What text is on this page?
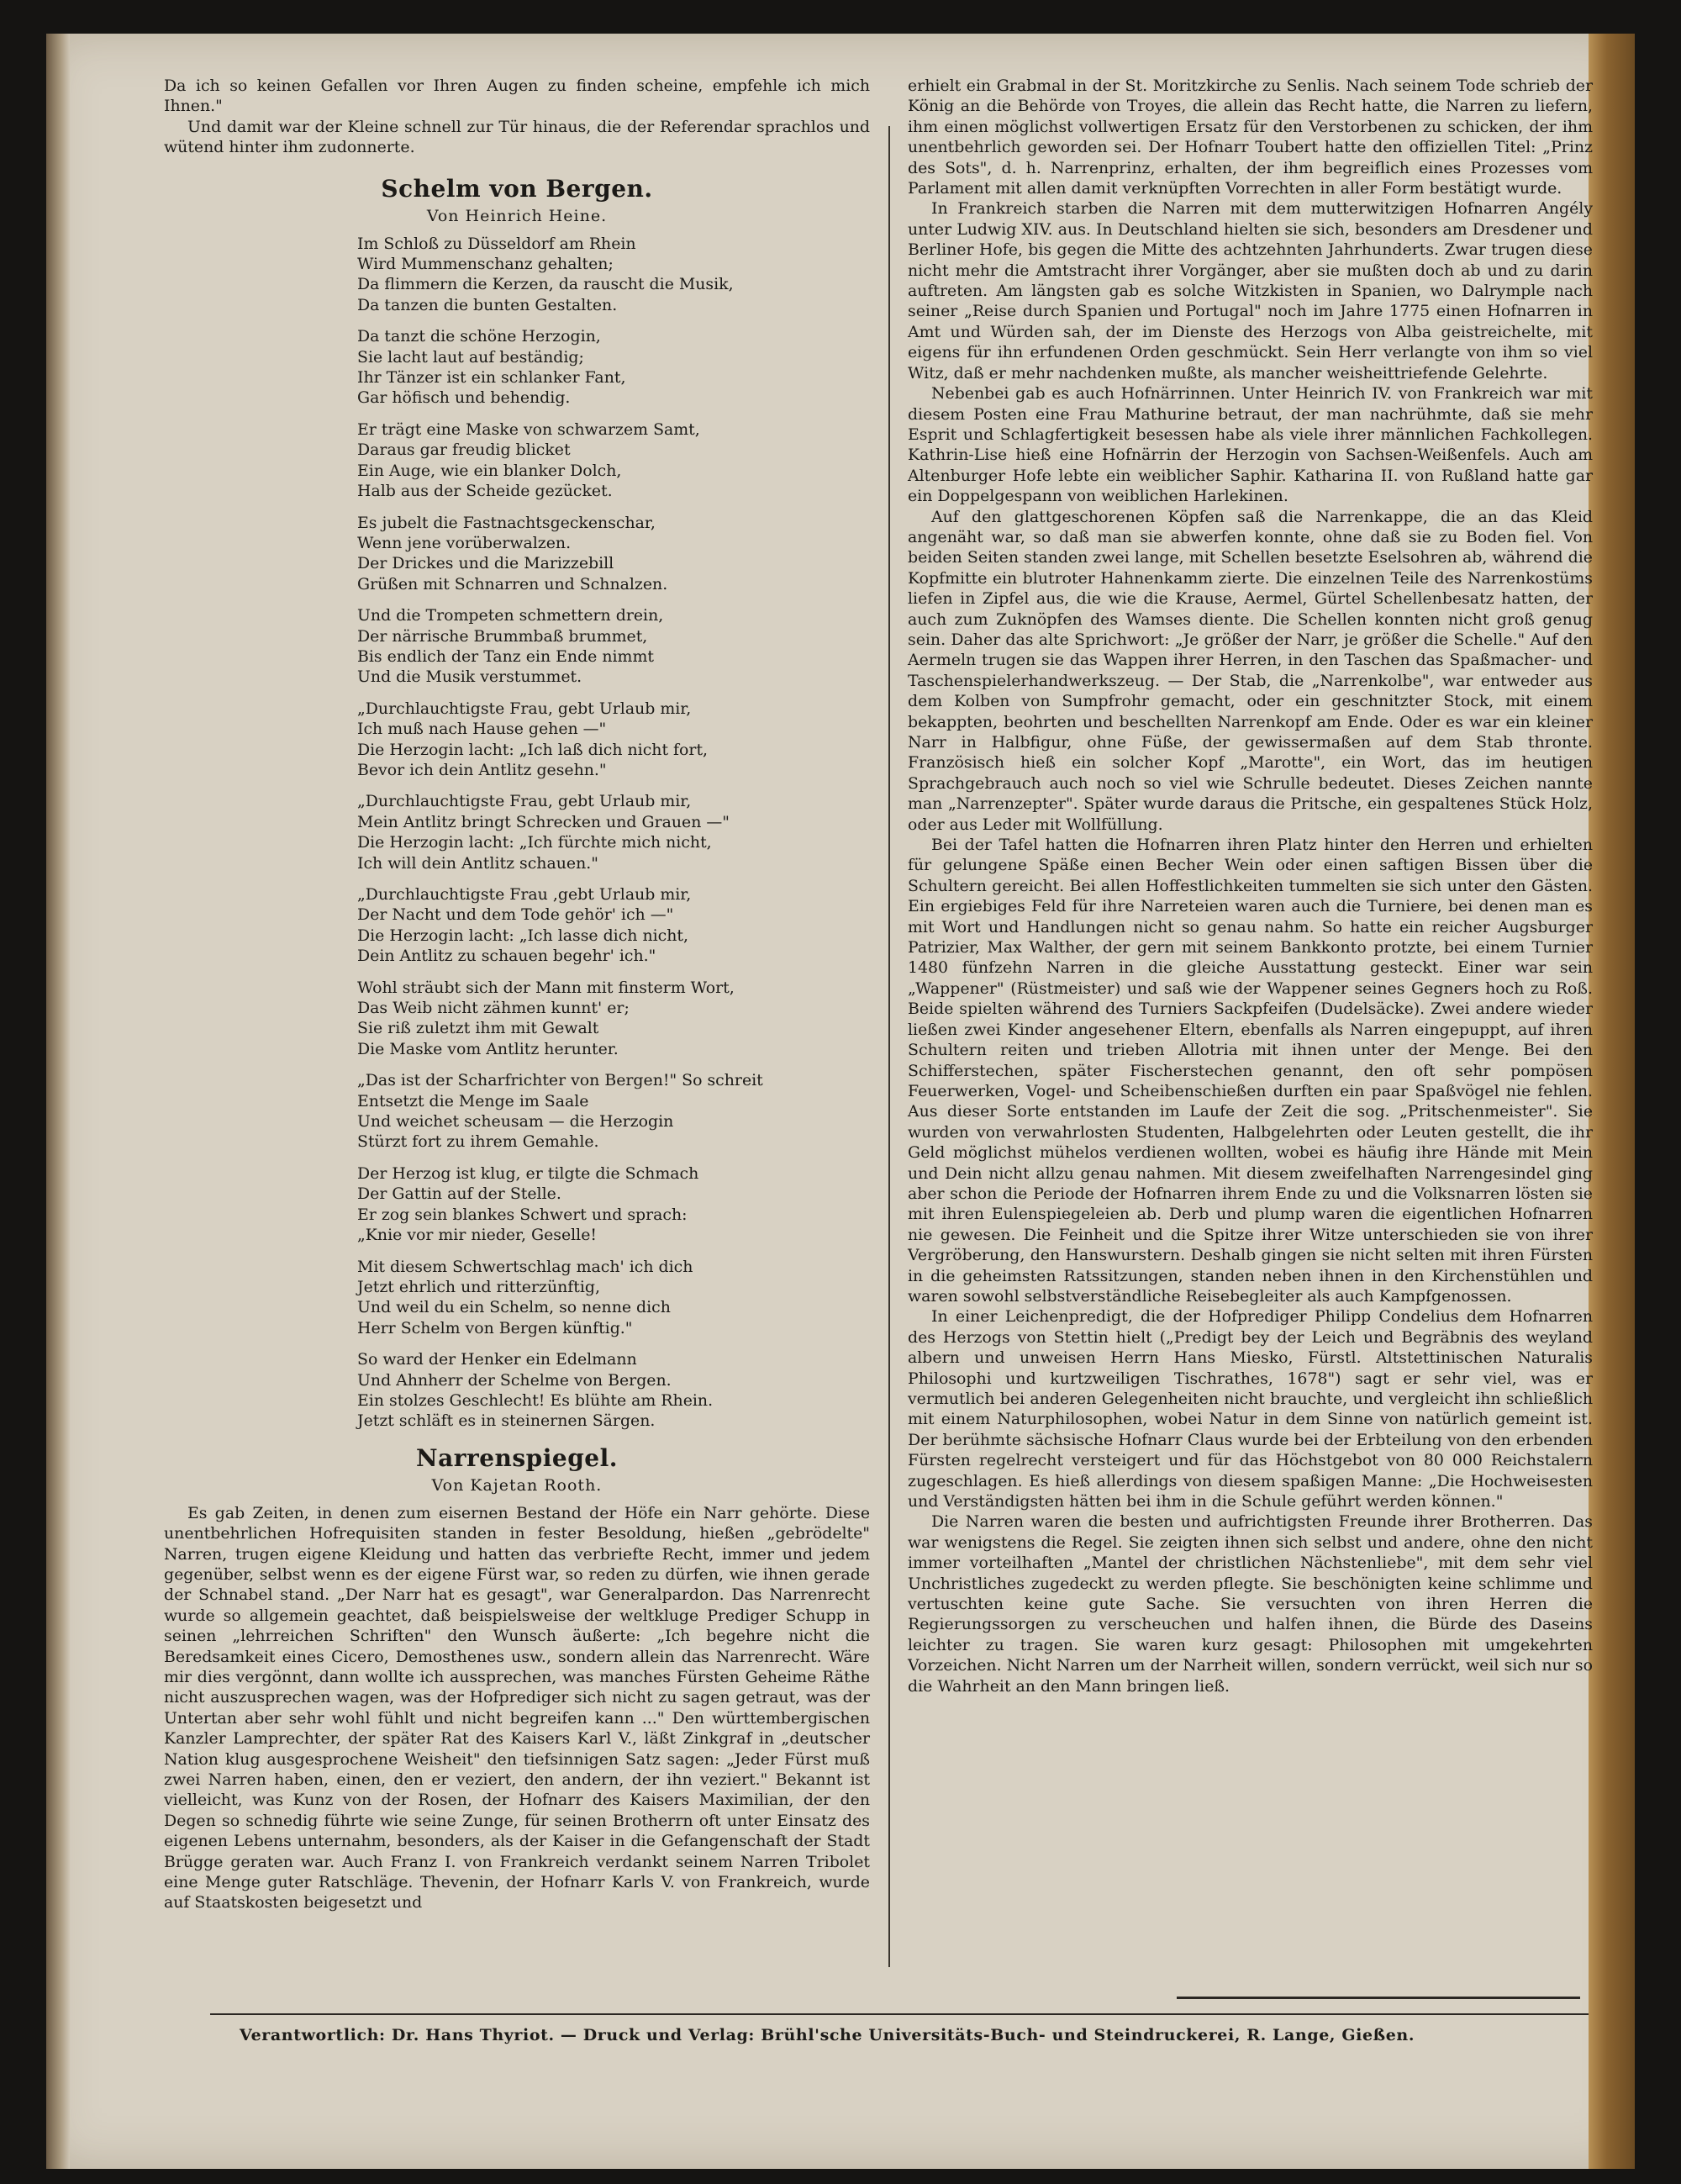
Da ich so keinen Gefallen vor Ihren Augen zu finden scheine, empfehle ich mich Ihnen."

Und damit war der Kleine schnell zur Tür hinaus, die der Referendar sprachlos und wütend hinter ihm zudonnerte.

Schelm von Bergen.
Von Heinrich Heine.

Im Schloß zu Düsseldorf am Rhein

Wird Mummenschanz gehalten;

Da flimmern die Kerzen, da rauscht die Musik,

Da tanzen die bunten Gestalten.

Da tanzt die schöne Herzogin,

Sie lacht laut auf beständig;

Ihr Tänzer ist ein schlanker Fant,

Gar höfisch und behendig.

Er trägt eine Maske von schwarzem Samt,

Daraus gar freudig blicket

Ein Auge, wie ein blanker Dolch,

Halb aus der Scheide gezücket.

Es jubelt die Fastnachtsgeckenschar,

Wenn jene vorüberwalzen.

Der Drickes und die Marizzebill

Grüßen mit Schnarren und Schnalzen.

Und die Trompeten schmettern drein,

Der närrische Brummbaß brummet,

Bis endlich der Tanz ein Ende nimmt

Und die Musik verstummet.

„Durchlauchtigste Frau, gebt Urlaub mir,

Ich muß nach Hause gehen —"

Die Herzogin lacht: „Ich laß dich nicht fort,

Bevor ich dein Antlitz gesehn."

„Durchlauchtigste Frau, gebt Urlaub mir,

Mein Antlitz bringt Schrecken und Grauen —"

Die Herzogin lacht: „Ich fürchte mich nicht,

Ich will dein Antlitz schauen."

„Durchlauchtigste Frau ,gebt Urlaub mir,

Der Nacht und dem Tode gehör' ich —"

Die Herzogin lacht: „Ich lasse dich nicht,

Dein Antlitz zu schauen begehr' ich."

Wohl sträubt sich der Mann mit finsterm Wort,

Das Weib nicht zähmen kunnt' er;

Sie riß zuletzt ihm mit Gewalt

Die Maske vom Antlitz herunter.

„Das ist der Scharfrichter von Bergen!" So schreit

Entsetzt die Menge im Saale

Und weichet scheusam — die Herzogin

Stürzt fort zu ihrem Gemahle.

Der Herzog ist klug, er tilgte die Schmach

Der Gattin auf der Stelle.

Er zog sein blankes Schwert und sprach:

„Knie vor mir nieder, Geselle!

Mit diesem Schwertschlag mach' ich dich

Jetzt ehrlich und ritterzünftig,

Und weil du ein Schelm, so nenne dich

Herr Schelm von Bergen künftig."

So ward der Henker ein Edelmann

Und Ahnherr der Schelme von Bergen.

Ein stolzes Geschlecht! Es blühte am Rhein.

Jetzt schläft es in steinernen Särgen.

Narrenspiegel.
Von Kajetan Rooth.

Es gab Zeiten, in denen zum eisernen Bestand der Höfe ein Narr gehörte. Diese unentbehrlichen Hofrequisiten standen in fester Besoldung, hießen „gebrödelte" Narren, trugen eigene Kleidung und hatten das verbriefte Recht, immer und jedem gegenüber, selbst wenn es der eigene Fürst war, so reden zu dürfen, wie ihnen gerade der Schnabel stand. „Der Narr hat es gesagt", war Generalpardon. Das Narrenrecht wurde so allgemein geachtet, daß beispielsweise der weltkluge Prediger Schupp in seinen „lehrreichen Schriften" den Wunsch äußerte: „Ich begehre nicht die Beredsamkeit eines Cicero, Demosthenes usw., sondern allein das Narrenrecht. Wäre mir dies vergönnt, dann wollte ich aussprechen, was manches Fürsten Geheime Räthe nicht auszusprechen wagen, was der Hofprediger sich nicht zu sagen getraut, was der Untertan aber sehr wohl fühlt und nicht begreifen kann ..." Den württembergischen Kanzler Lamprechter, der später Rat des Kaisers Karl V., läßt Zinkgraf in „deutscher Nation klug ausgesprochene Weisheit" den tiefsinnigen Satz sagen: „Jeder Fürst muß zwei Narren haben, einen, den er veziert, den andern, der ihn veziert." Bekannt ist vielleicht, was Kunz von der Rosen, der Hofnarr des Kaisers Maximilian, der den Degen so schnedig führte wie seine Zunge, für seinen Brotherrn oft unter Einsatz des eigenen Lebens unternahm, besonders, als der Kaiser in die Gefangenschaft der Stadt Brügge geraten war. Auch Franz I. von Frankreich verdankt seinem Narren Tribolet eine Menge guter Ratschläge. Thevenin, der Hofnarr Karls V. von Frankreich, wurde auf Staatskosten beigesetzt und

erhielt ein Grabmal in der St. Moritzkirche zu Senlis. Nach seinem Tode schrieb der König an die Behörde von Troyes, die allein das Recht hatte, die Narren zu liefern, ihm einen möglichst vollwertigen Ersatz für den Verstorbenen zu schicken, der ihm unentbehrlich geworden sei. Der Hofnarr Toubert hatte den offiziellen Titel: „Prinz des Sots", d. h. Narrenprinz, erhalten, der ihm begreiflich eines Prozesses vom Parlament mit allen damit verknüpften Vorrechten in aller Form bestätigt wurde.

In Frankreich starben die Narren mit dem mutterwitzigen Hofnarren Angély unter Ludwig XIV. aus. In Deutschland hielten sie sich, besonders am Dresdener und Berliner Hofe, bis gegen die Mitte des achtzehnten Jahrhunderts. Zwar trugen diese nicht mehr die Amtstracht ihrer Vorgänger, aber sie mußten doch ab und zu darin auftreten. Am längsten gab es solche Witzkisten in Spanien, wo Dalrymple nach seiner „Reise durch Spanien und Portugal" noch im Jahre 1775 einen Hofnarren in Amt und Würden sah, der im Dienste des Herzogs von Alba geistreichelte, mit eigens für ihn erfundenen Orden geschmückt. Sein Herr verlangte von ihm so viel Witz, daß er mehr nachdenken mußte, als mancher weisheittriefende Gelehrte.

Nebenbei gab es auch Hofnärrinnen. Unter Heinrich IV. von Frankreich war mit diesem Posten eine Frau Mathurine betraut, der man nachrühmte, daß sie mehr Esprit und Schlagfertigkeit besessen habe als viele ihrer männlichen Fachkollegen. Kathrin-Lise hieß eine Hofnärrin der Herzogin von Sachsen-Weißenfels. Auch am Altenburger Hofe lebte ein weiblicher Saphir. Katharina II. von Rußland hatte gar ein Doppelgespann von weiblichen Harlekinen.

Auf den glattgeschorenen Köpfen saß die Narrenkappe, die an das Kleid angenäht war, so daß man sie abwerfen konnte, ohne daß sie zu Boden fiel. Von beiden Seiten standen zwei lange, mit Schellen besetzte Eselsohren ab, während die Kopfmitte ein blutroter Hahnenkamm zierte. Die einzelnen Teile des Narrenkostüms liefen in Zipfel aus, die wie die Krause, Aermel, Gürtel Schellenbesatz hatten, der auch zum Zuknöpfen des Wamses diente. Die Schellen konnten nicht groß genug sein. Daher das alte Sprichwort: „Je größer der Narr, je größer die Schelle." Auf den Aermeln trugen sie das Wappen ihrer Herren, in den Taschen das Spaßmacher- und Taschenspielerhandwerkszeug. — Der Stab, die „Narrenkolbe", war entweder aus dem Kolben von Sumpfrohr gemacht, oder ein geschnitzter Stock, mit einem bekappten, beohrten und beschellten Narrenkopf am Ende. Oder es war ein kleiner Narr in Halbfigur, ohne Füße, der gewissermaßen auf dem Stab thronte. Französisch hieß ein solcher Kopf „Marotte", ein Wort, das im heutigen Sprachgebrauch auch noch so viel wie Schrulle bedeutet. Dieses Zeichen nannte man „Narrenzepter". Später wurde daraus die Pritsche, ein gespaltenes Stück Holz, oder aus Leder mit Wollfüllung.

Bei der Tafel hatten die Hofnarren ihren Platz hinter den Herren und erhielten für gelungene Späße einen Becher Wein oder einen saftigen Bissen über die Schultern gereicht. Bei allen Hoffestlichkeiten tummelten sie sich unter den Gästen. Ein ergiebiges Feld für ihre Narreteien waren auch die Turniere, bei denen man es mit Wort und Handlungen nicht so genau nahm. So hatte ein reicher Augsburger Patrizier, Max Walther, der gern mit seinem Bankkonto protzte, bei einem Turnier 1480 fünfzehn Narren in die gleiche Ausstattung gesteckt. Einer war sein „Wappener" (Rüstmeister) und saß wie der Wappener seines Gegners hoch zu Roß. Beide spielten während des Turniers Sackpfeifen (Dudelsäcke). Zwei andere wieder ließen zwei Kinder angesehener Eltern, ebenfalls als Narren eingepuppt, auf ihren Schultern reiten und trieben Allotria mit ihnen unter der Menge. Bei den Schifferstechen, später Fischerstechen genannt, den oft sehr pompösen Feuerwerken, Vogel- und Scheibenschießen durften ein paar Spaßvögel nie fehlen. Aus dieser Sorte entstanden im Laufe der Zeit die sog. „Pritschenmeister". Sie wurden von verwahrlosten Studenten, Halbgelehrten oder Leuten gestellt, die ihr Geld möglichst mühelos verdienen wollten, wobei es häufig ihre Hände mit Mein und Dein nicht allzu genau nahmen. Mit diesem zweifelhaften Narrengesindel ging aber schon die Periode der Hofnarren ihrem Ende zu und die Volksnarren lösten sie mit ihren Eulenspiegeleien ab. Derb und plump waren die eigentlichen Hofnarren nie gewesen. Die Feinheit und die Spitze ihrer Witze unterschieden sie von ihrer Vergröberung, den Hanswurstern. Deshalb gingen sie nicht selten mit ihren Fürsten in die geheimsten Ratssitzungen, standen neben ihnen in den Kirchenstühlen und waren sowohl selbstverständliche Reisebegleiter als auch Kampfgenossen.

In einer Leichenpredigt, die der Hofprediger Philipp Condelius dem Hofnarren des Herzogs von Stettin hielt („Predigt bey der Leich und Begräbnis des weyland albern und unweisen Herrn Hans Miesko, Fürstl. Altstettinischen Naturalis Philosophi und kurtzweiligen Tischrathes, 1678") sagt er sehr viel, was er vermutlich bei anderen Gelegenheiten nicht brauchte, und vergleicht ihn schließlich mit einem Naturphilosophen, wobei Natur in dem Sinne von natürlich gemeint ist. Der berühmte sächsische Hofnarr Claus wurde bei der Erbteilung von den erbenden Fürsten regelrecht versteigert und für das Höchstgebot von 80 000 Reichstalern zugeschlagen. Es hieß allerdings von diesem spaßigen Manne: „Die Hochweisesten und Verständigsten hätten bei ihm in die Schule geführt werden können."

Die Narren waren die besten und aufrichtigsten Freunde ihrer Brotherren. Das war wenigstens die Regel. Sie zeigten ihnen sich selbst und andere, ohne den nicht immer vorteilhaften „Mantel der christlichen Nächstenliebe", mit dem sehr viel Unchristliches zugedeckt zu werden pflegte. Sie beschönigten keine schlimme und vertuschten keine gute Sache. Sie versuchten von ihren Herren die Regierungssorgen zu verscheuchen und halfen ihnen, die Bürde des Daseins leichter zu tragen. Sie waren kurz gesagt: Philosophen mit umgekehrten Vorzeichen. Nicht Narren um der Narrheit willen, sondern verrückt, weil sich nur so die Wahrheit an den Mann bringen ließ.

Verantwortlich: Dr. Hans Thyriot. — Druck und Verlag: Brühl'sche Universitäts-Buch- und Steindruckerei, R. Lange, Gießen.
